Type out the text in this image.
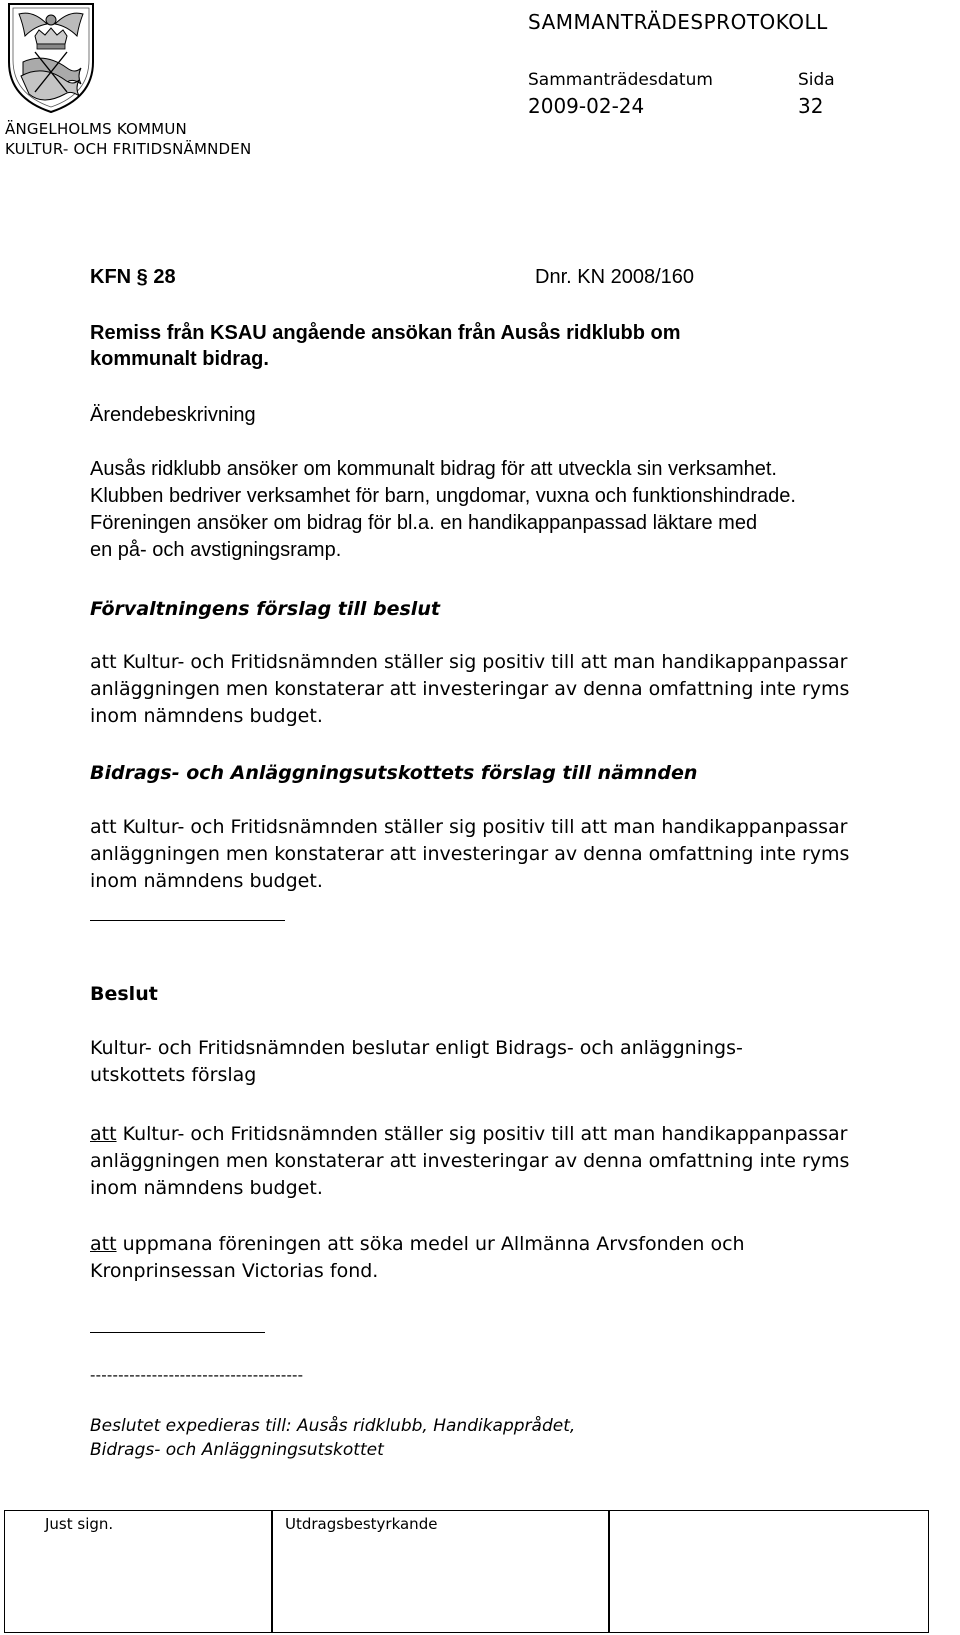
ÄNGELHOLMS KOMMUN
KULTUR- OCH FRITIDSNÄMNDEN
SAMMANTRÄDESPROTOKOLL
Sammanträdesdatum
2009-02-24
Sida
32
KFN § 28	Dnr. KN 2008/160
Remiss från KSAU angående ansökan från Ausås ridklubb om
kommunalt bidrag.
Ärendebeskrivning
Ausås ridklubb ansöker om kommunalt bidrag för att utveckla sin verksamhet.
Klubben bedriver verksamhet för barn, ungdomar, vuxna och funktionshindrade.
Föreningen ansöker om bidrag för bl.a. en handikappanpassad läktare med
en på- och avstigningsramp.
Förvaltningens förslag till beslut
att Kultur- och Fritidsnämnden ställer sig positiv till att man handikappanpassar
anläggningen men konstaterar att investeringar av denna omfattning inte ryms
inom nämndens budget.
Bidrags- och Anläggningsutskottets förslag till nämnden
att Kultur- och Fritidsnämnden ställer sig positiv till att man handikappanpassar
anläggningen men konstaterar att investeringar av denna omfattning inte ryms
inom nämndens budget.
Beslut
Kultur- och Fritidsnämnden beslutar enligt Bidrags- och anläggnings-
utskottets förslag
att Kultur- och Fritidsnämnden ställer sig positiv till att man handikappanpassar
anläggningen men konstaterar att investeringar av denna omfattning inte ryms
inom nämndens budget.
att uppmana föreningen att söka medel ur Allmänna Arvsfonden och
Kronprinsessan Victorias fond.
--------------------------------------
Beslutet expedieras till: Ausås ridklubb, Handikapprådet,
Bidrags- och Anläggningsutskottet
Just sign.	Utdragsbestyrkande
